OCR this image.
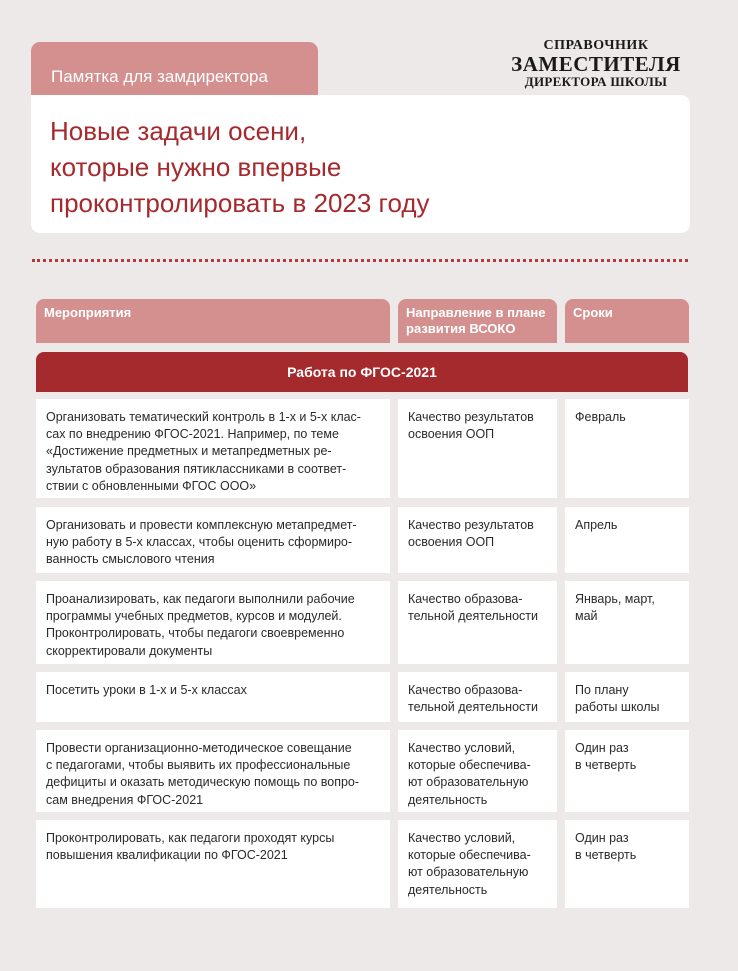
Памятка для замдиректора
Новые задачи осени,
которые нужно впервые
проконтролировать в 2023 году
СПРАВОЧНИК
ЗАМЕСТИТЕЛЯ
ДИРЕКТОРА ШКОЛЫ
Мероприятия	Направление в плане
развития ВСОКО
Сроки
Работа по ФГОС-2021
Организовать тематический контроль в 1-х и 5-х клас-
сах по внедрению ФГОС-2021. Например, по теме
«Достижение предметных и метапредметных ре-
зультатов образования пятиклассниками в соответ-
ствии с обновленными ФГОС ООО»
Качество результатов
освоения ООП
Февраль
Организовать и провести комплексную метапредмет-
ную работу в 5-х классах, чтобы оценить сформиро-
ванность смыслового чтения
Качество результатов
освоения ООП
Апрель
Проанализировать, как педагоги выполнили рабочие
программы учебных предметов, курсов и модулей.
Проконтролировать, чтобы педагоги своевременно
скорректировали документы
Качество образова-
тельной деятельности
Январь, март,
май
Посетить уроки в 1-х и 5-х классах	Качество образова-
тельной деятельности
По плану
работы школы
Провести организационно-методическое совещание
с педагогами, чтобы выявить их профессиональные
дефициты и оказать методическую помощь по вопро-
сам внедрения ФГОС-2021
Качество условий,
которые обеспечива-
ют образовательную
деятельность
Один раз
в четверть
Проконтролировать, как педагоги проходят курсы
повышения квалификации по ФГОС-2021
Качество условий,
которые обеспечива-
ют образовательную
деятельность
Один раз
в четверть
